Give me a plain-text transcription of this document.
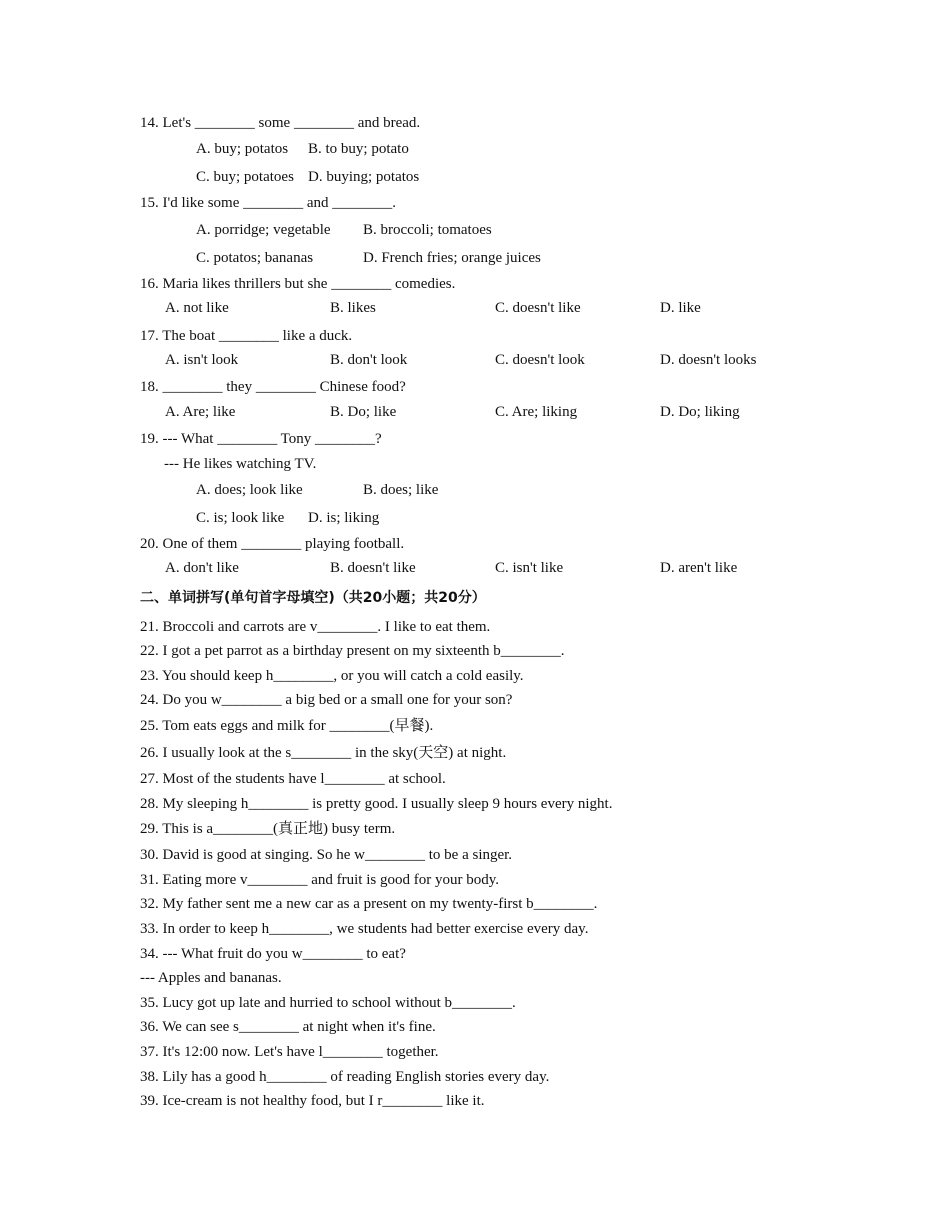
14. Let's ________ some ________ and bread.
A. buy; potatos B. to buy; potato
C. buy; potatoes D. buying; potatos
15. I'd like some ________ and ________.
A. porridge; vegetable B. broccoli; tomatoes
C. potatos; bananas	D. French fries; orange juices
16. Maria likes thrillers but she ________ comedies.
A. not like	B. likes	C. doesn't like	D. like
17. The boat ________ like a duck.
A. isn't look	B. don't look	C. doesn't look	D. doesn't looks
18. ________ they ________ Chinese food?
A. Are; like	B. Do; like	C. Are; liking	D. Do; liking
19. --- What ________ Tony ________?
--- He likes watching TV.
A. does; look like	B. does; like
C. is; look like D. is; liking
20. One of them ________ playing football.
A. don't like	B. doesn't like	C. isn't like	D. aren't like
二、单词拼写(单句首字母填空)（共20小题；共20分）
21. Broccoli and carrots are v________. I like to eat them.
22. I got a pet parrot as a birthday present on my sixteenth b________.
23. You should keep h________, or you will catch a cold easily.
24. Do you w________ a big bed or a small one for your son?
25. Tom eats eggs and milk for ________(早餐).
26. I usually look at the s________ in the sky(天空) at night.
27. Most of the students have l________ at school.
28. My sleeping h________ is pretty good. I usually sleep 9 hours every night.
29. This is a________(真正地) busy term.
30. David is good at singing. So he w________ to be a singer.
31. Eating more v________ and fruit is good for your body.
32. My father sent me a new car as a present on my twenty-first b________.
33. In order to keep h________, we students had better exercise every day.
34. --- What fruit do you w________ to eat?
--- Apples and bananas.
35. Lucy got up late and hurried to school without b________.
36. We can see s________ at night when it's fine.
37. It's 12:00 now. Let's have l________ together.
38. Lily has a good h________ of reading English stories every day.
39. Ice-cream is not healthy food, but I r________ like it.
